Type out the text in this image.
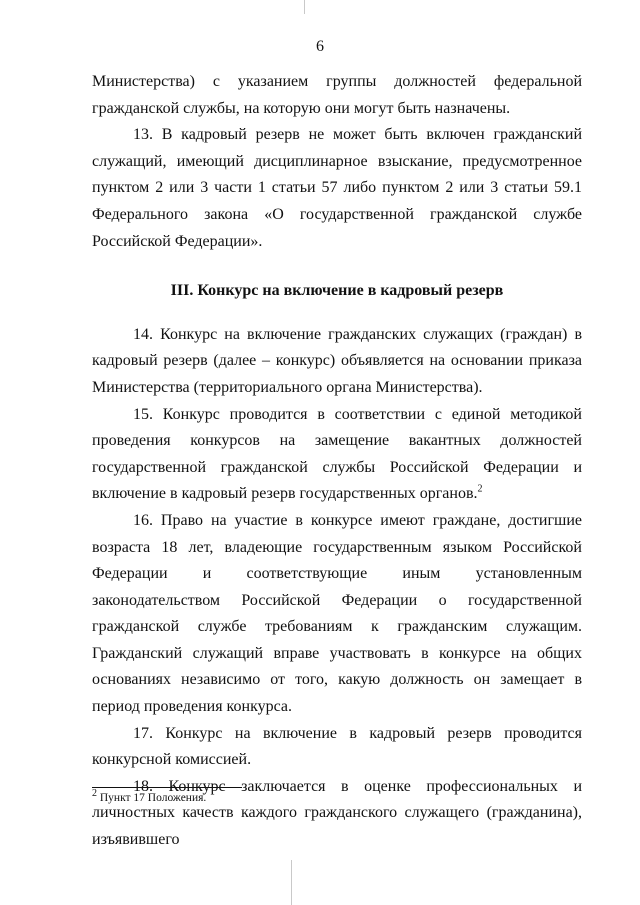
6

Министерства) с указанием группы должностей федеральной гражданской службы, на которую они могут быть назначены.

13. В кадровый резерв не может быть включен гражданский служащий, имеющий дисциплинарное взыскание, предусмотренное пунктом 2 или 3 части 1 статьи 57 либо пунктом 2 или 3 статьи 59.1 Федерального закона «О государственной гражданской службе Российской Федерации».

III. Конкурс на включение в кадровый резерв

14. Конкурс на включение гражданских служащих (граждан) в кадровый резерв (далее – конкурс) объявляется на основании приказа Министерства (территориального органа Министерства).

15. Конкурс проводится в соответствии с единой методикой проведения конкурсов на замещение вакантных должностей государственной гражданской службы Российской Федерации и включение в кадровый резерв государственных органов.$^2$

16. Право на участие в конкурсе имеют граждане, достигшие возраста 18 лет, владеющие государственным языком Российской Федерации и соответствующие иным установленным законодательством Российской Федерации о государственной гражданской службе требованиям к гражданским служащим. Гражданский служащий вправе участвовать в конкурсе на общих основаниях независимо от того, какую должность он замещает в период проведения конкурса.

17. Конкурс на включение в кадровый резерв проводится конкурсной комиссией.

18. Конкурс заключается в оценке профессиональных и личностных качеств каждого гражданского служащего (гражданина), изъявившего

$^2$ Пункт 17 Положения.
